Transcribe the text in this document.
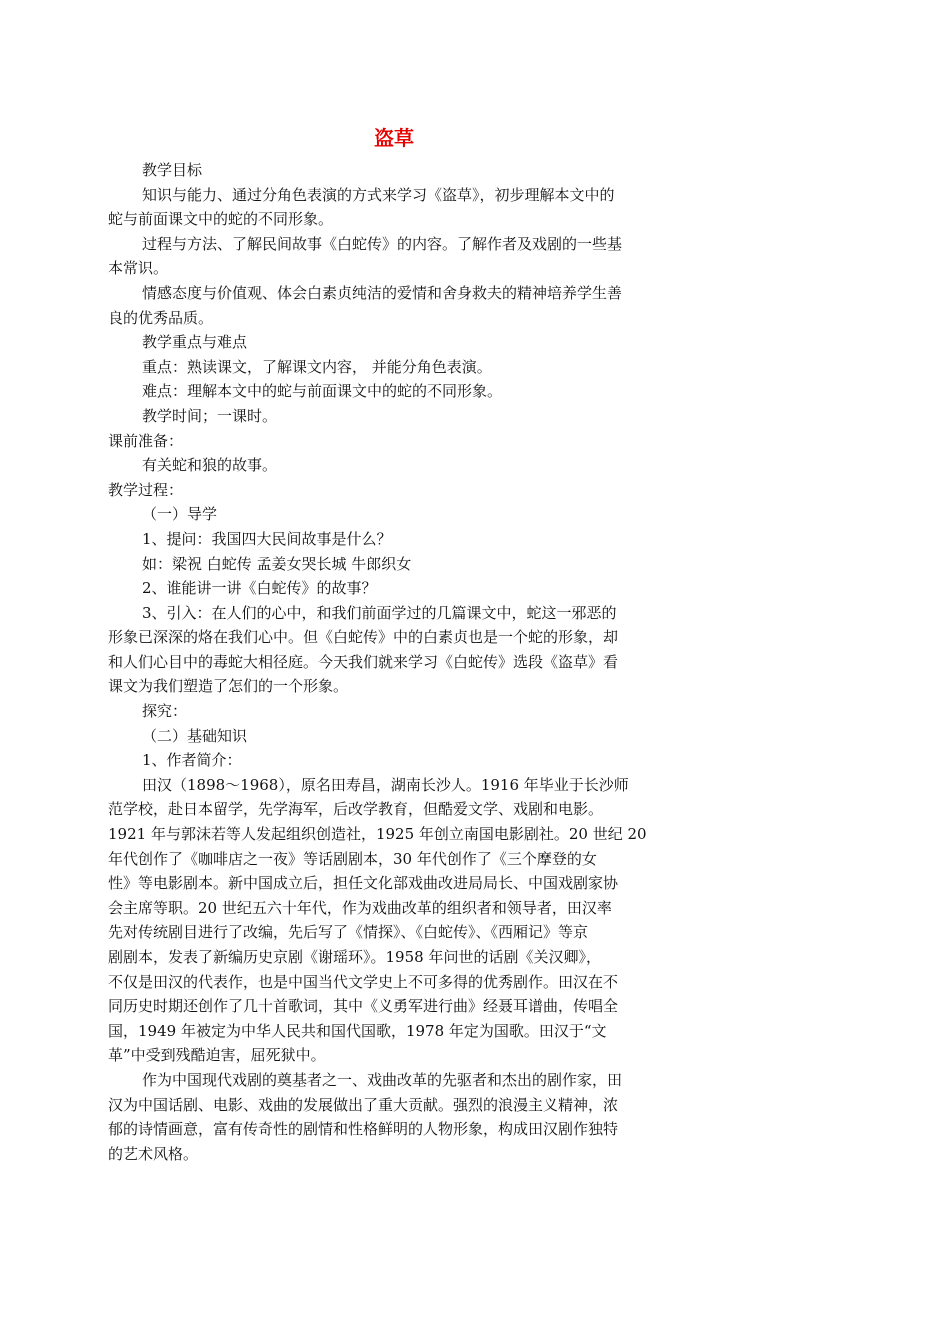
盗草

教学目标

知识与能力、通过分角色表演的方式来学习《盗草》，初步理解本文中的

蛇与前面课文中的蛇的不同形象。

过程与方法、了解民间故事《白蛇传》的内容。了解作者及戏剧的一些基

本常识。

情感态度与价值观、体会白素贞纯洁的爱情和舍身救夫的精神培养学生善

良的优秀品质。

教学重点与难点

重点：熟读课文，了解课文内容， 并能分角色表演。

难点：理解本文中的蛇与前面课文中的蛇的不同形象。

教学时间；一课时。

课前准备：

有关蛇和狼的故事。

教学过程：

（一）导学

1、提问：我国四大民间故事是什么？

如：梁祝 白蛇传 孟姜女哭长城 牛郎织女

2、谁能讲一讲《白蛇传》的故事？

3、引入：在人们的心中，和我们前面学过的几篇课文中，蛇这一邪恶的

形象已深深的烙在我们心中。但《白蛇传》中的白素贞也是一个蛇的形象，却

和人们心目中的毒蛇大相径庭。今天我们就来学习《白蛇传》选段《盗草》看

课文为我们塑造了怎们的一个形象。

探究：

（二）基础知识

1、作者简介：

田汉（1898～1968），原名田寿昌，湖南长沙人。1916 年毕业于长沙师

范学校，赴日本留学，先学海军，后改学教育，但酷爱文学、戏剧和电影。

1921 年与郭沫若等人发起组织创造社，1925 年创立南国电影剧社。20 世纪 20

年代创作了《咖啡店之一夜》等话剧剧本，30 年代创作了《三个摩登的女

性》等电影剧本。新中国成立后，担任文化部戏曲改进局局长、中国戏剧家协

会主席等职。20 世纪五六十年代，作为戏曲改革的组织者和领导者，田汉率

先对传统剧目进行了改编，先后写了《情探》、《白蛇传》、《西厢记》等京

剧剧本，发表了新编历史京剧《谢瑶环》。1958 年问世的话剧《关汉卿》，

不仅是田汉的代表作，也是中国当代文学史上不可多得的优秀剧作。田汉在不

同历史时期还创作了几十首歌词，其中《义勇军进行曲》经聂耳谱曲，传唱全

国，1949 年被定为中华人民共和国代国歌，1978 年定为国歌。田汉于“文

革”中受到残酷迫害，屈死狱中。

作为中国现代戏剧的奠基者之一、戏曲改革的先驱者和杰出的剧作家，田

汉为中国话剧、电影、戏曲的发展做出了重大贡献。强烈的浪漫主义精神，浓

郁的诗情画意，富有传奇性的剧情和性格鲜明的人物形象，构成田汉剧作独特

的艺术风格。
